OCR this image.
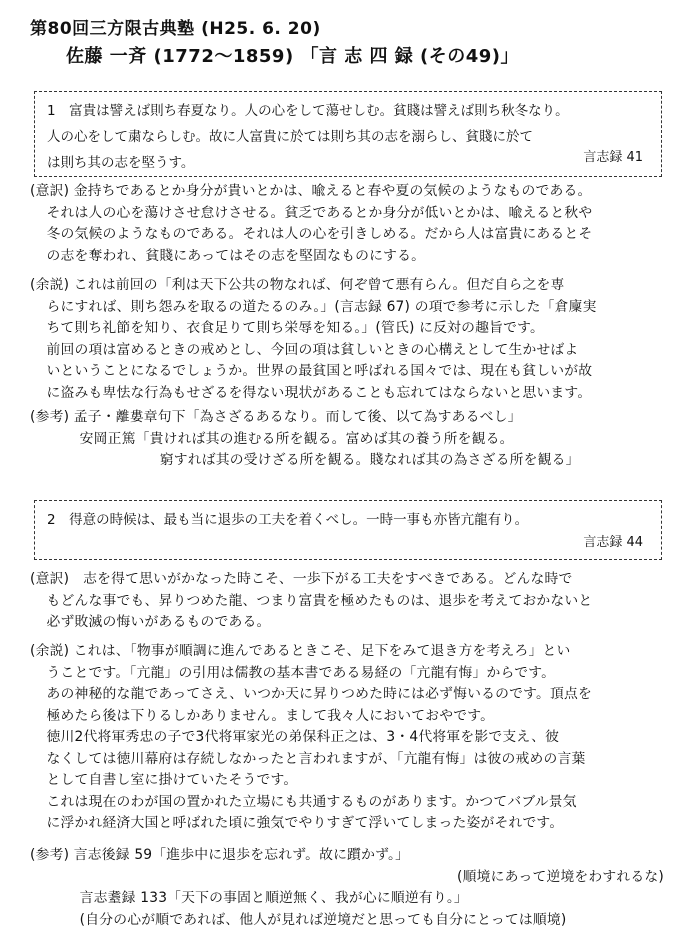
第80回三方限古典塾 (H25. 6. 20)
佐藤 一斉 (1772〜1859) 「言 志 四 録 (その49)」
1　富貴は譬えば則ち春夏なり。人の心をして蕩せしむ。貧賤は譬えば則ち秋冬なり。
人の心をして粛ならしむ。故に人富貴に於ては則ち其の志を溺らし、貧賤に於て
は則ち其の志を堅うす。	言志録 41
(意訳) 金持ちであるとか身分が貴いとかは、喩えると春や夏の気候のようなものである。
それは人の心を蕩けさせ怠けさせる。貧乏であるとか身分が低いとかは、喩えると秋や
冬の気候のようなものである。それは人の心を引きしめる。だから人は富貴にあるとそ
の志を奪われ、貧賤にあってはその志を堅固なものにする。
(余説) これは前回の「利は天下公共の物なれば、何ぞ曾て悪有らん。但だ自ら之を専
らにすれば、則ち怨みを取るの道たるのみ。」(言志録 67) の項で参考に示した「倉廩実
ちて則ち礼節を知り、衣食足りて則ち栄辱を知る。」(管氏) に反対の趣旨です。
前回の項は富めるときの戒めとし、今回の項は貧しいときの心構えとして生かせばよ
いということになるでしょうか。世界の最貧国と呼ばれる国々では、現在も貧しいが故
に盗みも卑怯な行為もせざるを得ない現状があることも忘れてはならないと思います。
(参考) 孟子・離婁章句下「為さざるあるなり。而して後、以て為すあるべし」
安岡正篤「貴ければ其の進むる所を観る。富めば其の養う所を観る。
窮すれば其の受けざる所を観る。賤なれば其の為さざる所を観る」
2　得意の時候は、最も当に退歩の工夫を着くべし。一時一事も亦皆亢龍有り。
言志録 44
(意訳)　志を得て思いがかなった時こそ、一歩下がる工夫をすべきである。どんな時で
もどんな事でも、昇りつめた龍、つまり富貴を極めたものは、退歩を考えておかないと
必ず敗滅の悔いがあるものである。
(余説) これは、「物事が順調に進んであるときこそ、足下をみて退き方を考えろ」とい
うことです。「亢龍」の引用は儒教の基本書である易経の「亢龍有悔」からです。
あの神秘的な龍であってさえ、いつか天に昇りつめた時には必ず悔いるのです。頂点を
極めたら後は下りるしかありません。まして我々人においておやです。
徳川2代将軍秀忠の子で3代将軍家光の弟保科正之は、3・4代将軍を影で支え、彼
なくしては徳川幕府は存続しなかったと言われますが、「亢龍有悔」は彼の戒めの言葉
として自書し室に掛けていたそうです。
これは現在のわが国の置かれた立場にも共通するものがあります。かつてバブル景気
に浮かれ経済大国と呼ばれた頃に強気でやりすぎて浮いてしまった姿がそれです。
(参考) 言志後録 59「進歩中に退歩を忘れず。故に躓かず。」
(順境にあって逆境をわすれるな)
言志耋録 133「天下の事固と順逆無く、我が心に順逆有り。」
(自分の心が順であれば、他人が見れば逆境だと思っても自分にとっては順境)
